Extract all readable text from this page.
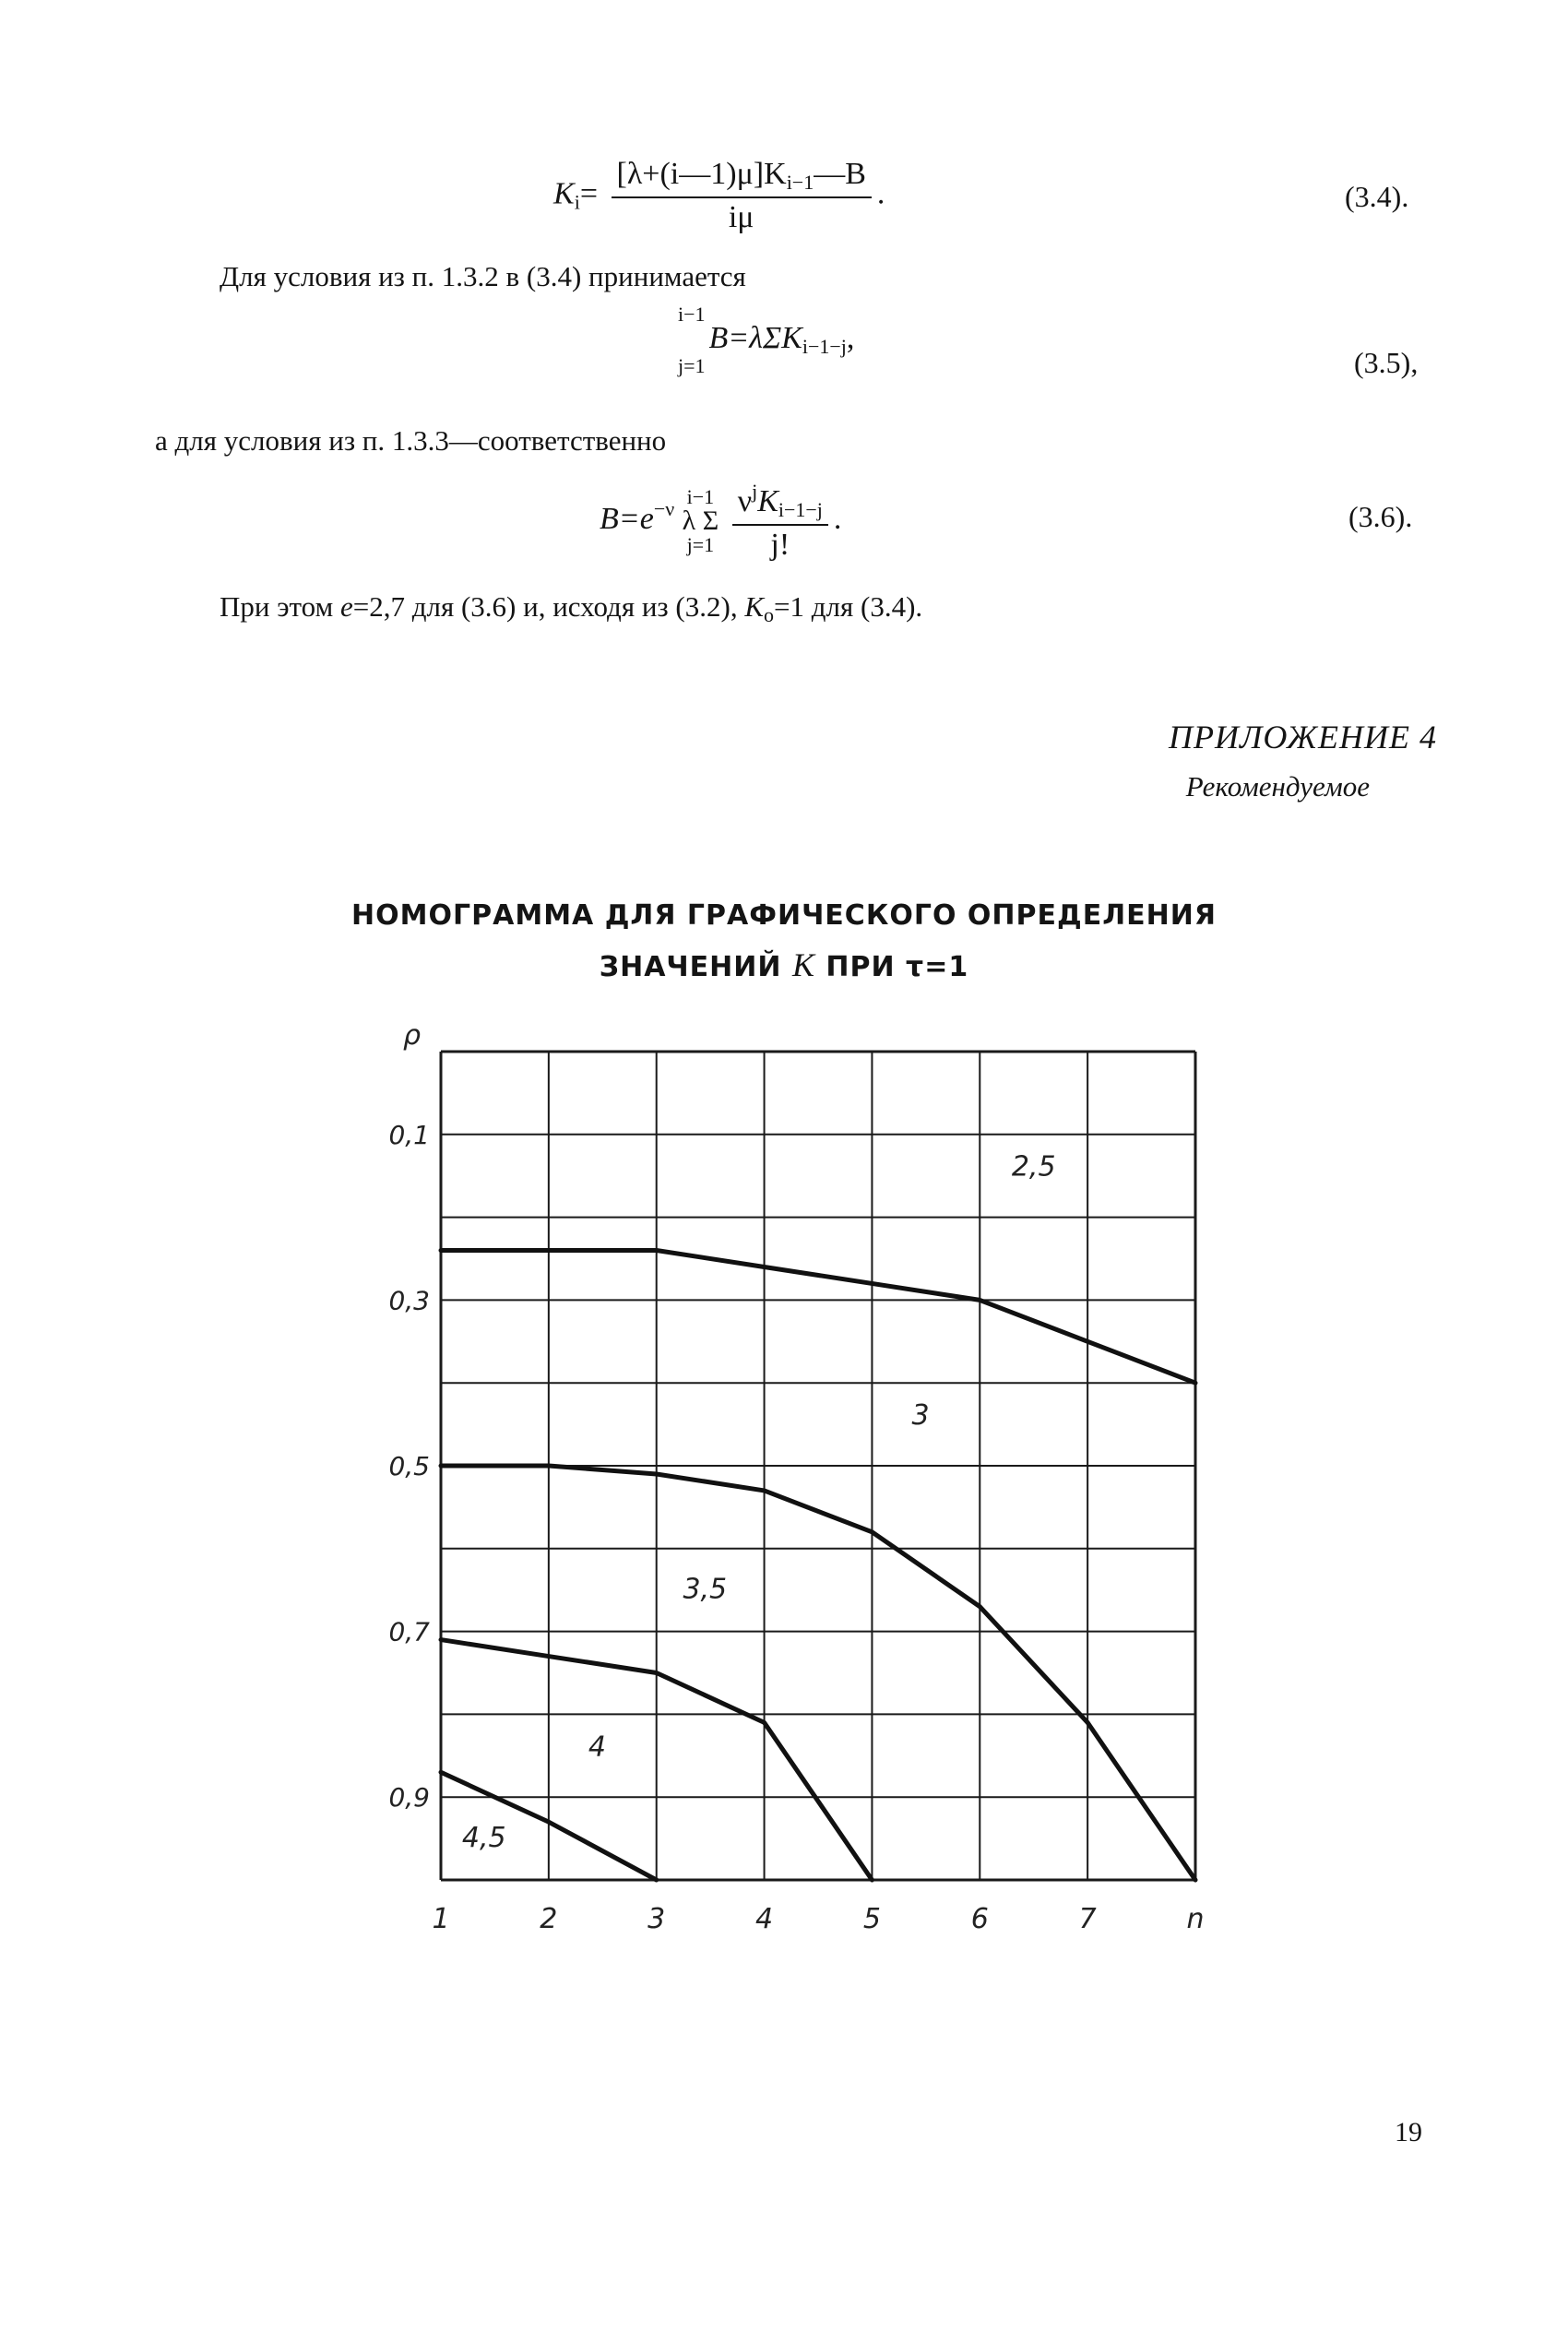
$K_i= \frac{[\lambda+(i—1)\mu]K_{i-1}—B}{i\mu}$ .	(3.4).
Для условия из п. 1.3.2 в (3.4) принимается
i−1
j=1
B=λΣK$_{i-1-j}$,
(3.5),
а для условия из п. 1.3.3—соответственно
$B=e^{-\nu}$
i−1
λ Σ
j=1
$\frac{\nu^jK_{i-1-j}}{j!}$ .	(3.6).
При этом e=2,7 для (3.6) и, исходя из (3.2), $K_o=1$ для (3.4).
ПРИЛОЖЕНИЕ 4
Рекомендуемое
НОМОГРАММА ДЛЯ ГРАФИЧЕСКОГО ОПРЕДЕЛЕНИЯ
ЗНАЧЕНИЙ K ПРИ τ=1
2,5
3
3,5
4
4,5
1	2	3	4	5	6	7	n
0,1
0,3
0,5
0,7
0,9
ρ
19
